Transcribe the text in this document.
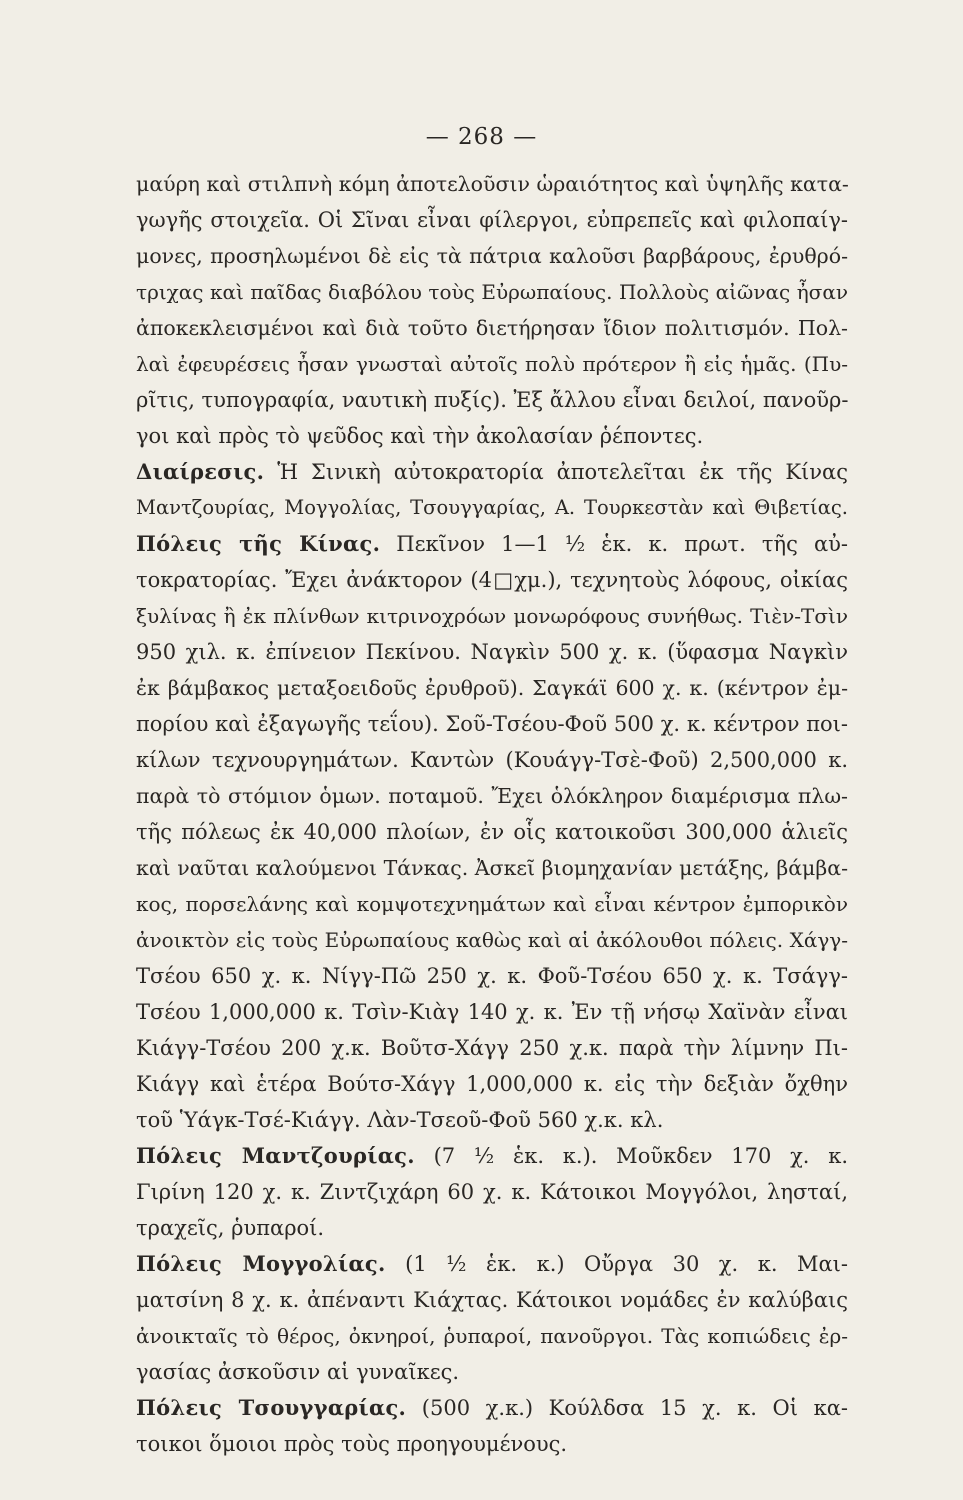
— 268 —
μαύρη καὶ στιλπνὴ κόμη ἀποτελοῦσιν ὡραιότητος καὶ ὑψηλῆς κατα-
γωγῆς στοιχεῖα. Οἱ Σῖναι εἶναι φίλεργοι, εὐπρεπεῖς καὶ φιλοπαίγ-
μονες, προσηλωμένοι δὲ εἰς τὰ πάτρια καλοῦσι βαρβάρους, ἐρυθρό-
τριχας καὶ παῖδας διαβόλου τοὺς Εὐρωπαίους. Πολλοὺς αἰῶνας ἦσαν
ἀποκεκλεισμένοι καὶ διὰ τοῦτο διετήρησαν ἴδιον πολιτισμόν. Πολ-
λαὶ ἐφευρέσεις ἦσαν γνωσταὶ αὐτοῖς πολὺ πρότερον ἢ εἰς ἡμᾶς. (Πυ-
ρῖτις, τυπογραφία, ναυτικὴ πυξίς). Ἐξ ἄλλου εἶναι δειλοί, πανοῦρ-
γοι καὶ πρὸς τὸ ψεῦδος καὶ τὴν ἀκολασίαν ῥέποντες.
Διαίρεσις. Ἡ Σινικὴ αὐτοκρατορία ἀποτελεῖται ἐκ τῆς Κίνας
Μαντζουρίας, Μογγολίας, Τσουγγαρίας, Α. Τουρκεστὰν καὶ Θιβετίας.
Πόλεις τῆς Κίνας. Πεκῖνον 1—1 ½ ἑκ. κ. πρωτ. τῆς αὐ-
τοκρατορίας. Ἔχει ἀνάκτορον (4□χμ.), τεχνητοὺς λόφους, οἰκίας
ξυλίνας ἢ ἐκ πλίνθων κιτρινοχρόων μονωρόφους συνήθως. Τιὲν-Τσὶν
950 χιλ. κ. ἐπίνειον Πεκίνου. Ναγκὶν 500 χ. κ. (ὕφασμα Ναγκὶν
ἐκ βάμβακος μεταξοειδοῦς ἐρυθροῦ). Σαγκάϊ 600 χ. κ. (κέντρον ἐμ-
πορίου καὶ ἐξαγωγῆς τεΐου). Σοῦ-Τσέου-Φοῦ 500 χ. κ. κέντρον ποι-
κίλων τεχνουργημάτων. Καντὼν (Κουάγγ-Τσὲ-Φοῦ) 2,500,000 κ.
παρὰ τὸ στόμιον ὁμων. ποταμοῦ. Ἔχει ὁλόκληρον διαμέρισμα πλω-
τῆς πόλεως ἐκ 40,000 πλοίων, ἐν οἷς κατοικοῦσι 300,000 ἁλιεῖς
καὶ ναῦται καλούμενοι Τάνκας. Ἀσκεῖ βιομηχανίαν μετάξης, βάμβα-
κος, πορσελάνης καὶ κομψοτεχνημάτων καὶ εἶναι κέντρον ἐμπορικὸν
ἀνοικτὸν εἰς τοὺς Εὐρωπαίους καθὼς καὶ αἱ ἀκόλουθοι πόλεις. Χάγγ-
Τσέου 650 χ. κ. Νίγγ-Πῶ 250 χ. κ. Φοῦ-Τσέου 650 χ. κ. Τσάγγ-
Τσέου 1,000,000 κ. Τσὶν-Κιὰγ 140 χ. κ. Ἐν τῇ νήσῳ Χαϊνὰν εἶναι
Κιάγγ-Τσέου 200 χ.κ. Βοῦτσ-Χάγγ 250 χ.κ. παρὰ τὴν λίμνην Πι-
Κιάγγ καὶ ἑτέρα Βούτσ-Χάγγ 1,000,000 κ. εἰς τὴν δεξιὰν ὄχθην
τοῦ Ὑάγκ-Τσέ-Κιάγγ. Λὰν-Τσεοῦ-Φοῦ 560 χ.κ. κλ.
Πόλεις Μαντζουρίας. (7 ½ ἑκ. κ.). Μοῦκδεν 170 χ. κ.
Γιρίνη 120 χ. κ. Ζιντζιχάρη 60 χ. κ. Κάτοικοι Μογγόλοι, λησταί,
τραχεῖς, ῥυπαροί.
Πόλεις Μογγολίας. (1 ½ ἑκ. κ.) Οὔργα 30 χ. κ. Μαι-
ματσίνη 8 χ. κ. ἀπέναντι Κιάχτας. Κάτοικοι νομάδες ἐν καλύβαις
ἀνοικταῖς τὸ θέρος, ὀκνηροί, ῥυπαροί, πανοῦργοι. Τὰς κοπιώδεις ἐρ-
γασίας ἀσκοῦσιν αἱ γυναῖκες.
Πόλεις Τσουγγαρίας. (500 χ.κ.) Κούλδσα 15 χ. κ. Οἱ κα-
τοικοι ὅμοιοι πρὸς τοὺς προηγουμένους.
